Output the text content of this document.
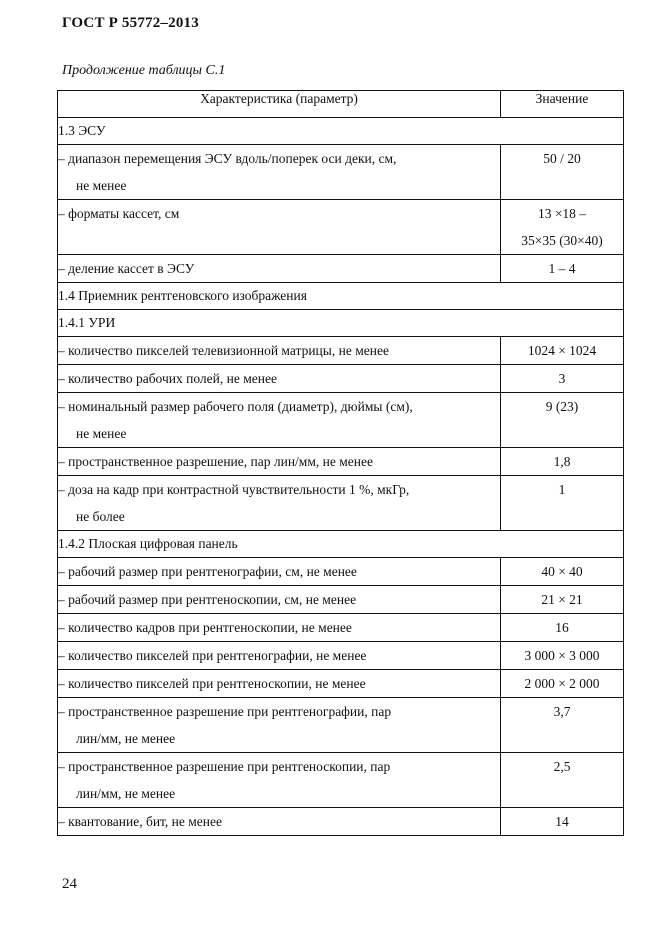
ГОСТ Р 55772–2013
Продолжение таблицы С.1
Характеристика (параметр)	Значение
1.3 ЭСУ	
– диапазон перемещения ЭСУ вдоль/поперек оси деки, см,
не менее	50 / 20

– форматы кассет, см	13 ×18 –
35×35 (30×40)

– деление кассет в ЭСУ	1 – 4

1.4 Приемник рентгеновского изображения	
1.4.1 УРИ	
– количество пикселей телевизионной матрицы, не менее	1024 × 1024

– количество рабочих полей, не менее	3

– номинальный размер рабочего поля (диаметр), дюймы (см),
не менее	9 (23)

– пространственное разрешение, пар лин/мм, не менее	1,8

– доза на кадр при контрастной чувствительности 1 %, мкГр,
не более	1

1.4.2 Плоская цифровая панель	
– рабочий размер при рентгенографии, см, не менее	40 × 40

– рабочий размер при рентгеноскопии, см, не менее	21 × 21

– количество кадров при рентгеноскопии, не менее	16

– количество пикселей при рентгенографии, не менее	3 000 × 3 000

– количество пикселей при рентгеноскопии, не менее	2 000 × 2 000

– пространственное разрешение при рентгенографии, пар
лин/мм, не менее	3,7

– пространственное разрешение при рентгеноскопии, пар
лин/мм, не менее	2,5

– квантование, бит, не менее	14
24
